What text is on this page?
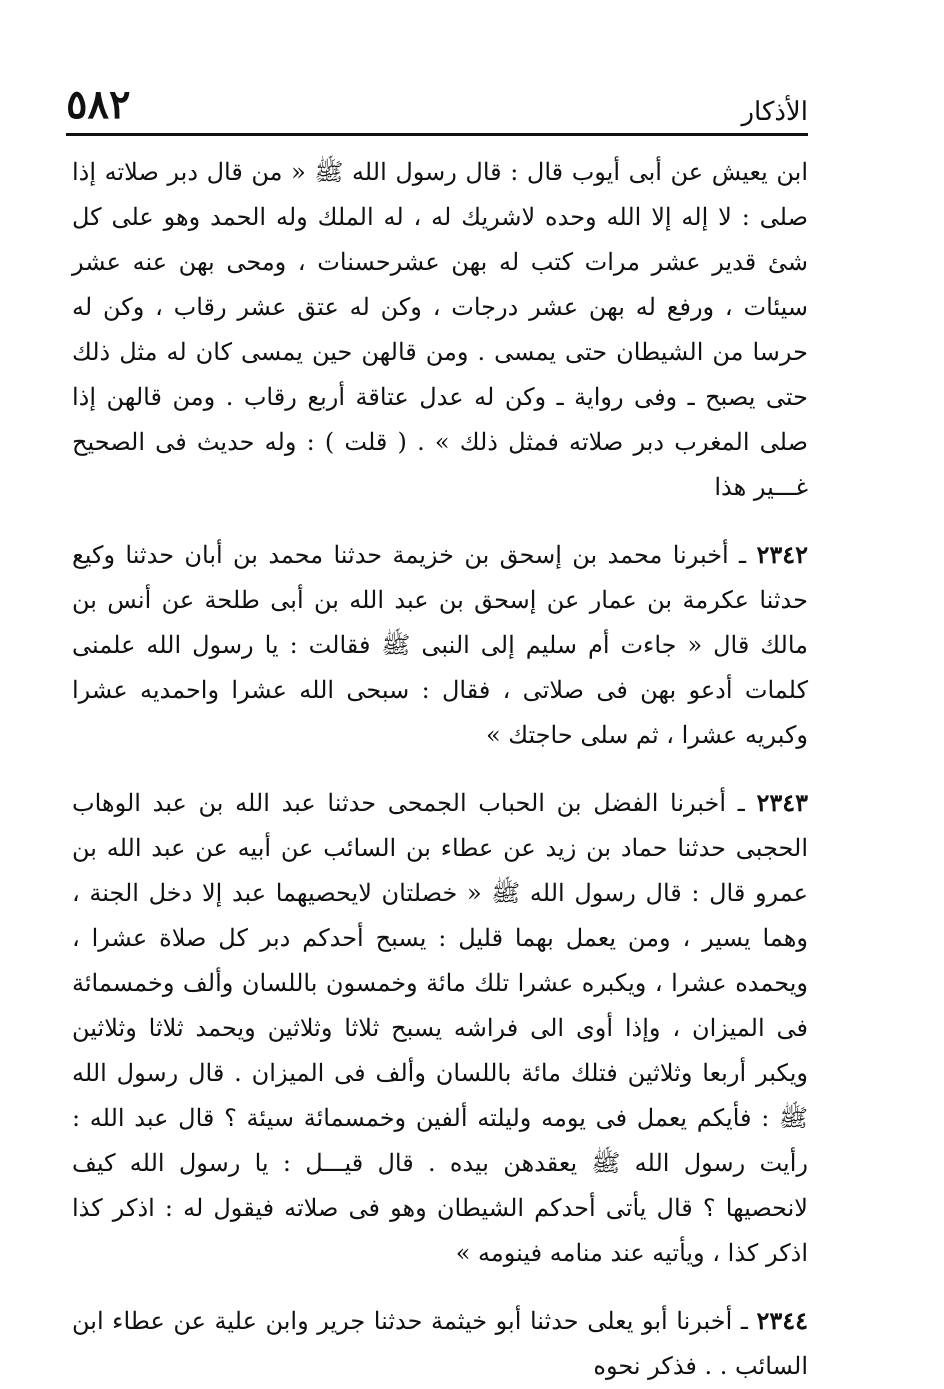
٥٨٢	الأذكار

ابن يعيش عن أبى أيوب قال : قال رسول الله ﷺ « من قال دبر صلاته إذا صلى : لا إله إلا الله وحده لاشريك له ، له الملك وله الحمد وهو على كل شئ قدير عشر مرات كتب له بهن عشرحسنات ، ومحى بهن عنه عشر سيئات ، ورفع له بهن عشر درجات ، وكن له عتق عشر رقاب ، وكن له حرسا من الشيطان حتى يمسى . ومن قالهن حين يمسى كان له مثل ذلك حتى يصبح ـ وفى رواية ـ وكن له عدل عتاقة أربع رقاب . ومن قالهن إذا صلى المغرب دبر صلاته فمثل ذلك » . ( قلت ) : وله حديث فى الصحيح غـــير هذا

٢٣٤٢ ـ أخبرنا محمد بن إسحق بن خزيمة حدثنا محمد بن أبان حدثنا وكيع حدثنا عكرمة بن عمار عن إسحق بن عبد الله بن أبى طلحة عن أنس بن مالك قال « جاءت أم سليم إلى النبى ﷺ فقالت : يا رسول الله علمنى كلمات أدعو بهن فى صلاتى ، فقال : سبحى الله عشرا واحمديه عشرا وكبريه عشرا ، ثم سلى حاجتك »

٢٣٤٣ ـ أخبرنا الفضل بن الحباب الجمحى حدثنا عبد الله بن عبد الوهاب الحجبى حدثنا حماد بن زيد عن عطاء بن السائب عن أبيه عن عبد الله بن عمرو قال : قال رسول الله ﷺ « خصلتان لايحصيهما عبد إلا دخل الجنة ، وهما يسير ، ومن يعمل بهما قليل : يسبح أحدكم دبر كل صلاة عشرا ، ويحمده عشرا ، ويكبره عشرا تلك مائة وخمسون باللسان وألف وخمسمائة فى الميزان ، وإذا أوى الى فراشه يسبح ثلاثا وثلاثين ويحمد ثلاثا وثلاثين ويكبر أربعا وثلاثين فتلك مائة باللسان وألف فى الميزان . قال رسول الله ﷺ : فأيكم يعمل فى يومه وليلته ألفين وخمسمائة سيئة ؟ قال عبد الله : رأيت رسول الله ﷺ يعقدهن بيده . قال قيـــل : يا رسول الله كيف لانحصيها ؟ قال يأتى أحدكم الشيطان وهو فى صلاته فيقول له : اذكر كذا اذكر كذا ، ويأتيه عند منامه فينومه »

٢٣٤٤ ـ أخبرنا أبو يعلى حدثنا أبو خيثمة حدثنا جرير وابن علية عن عطاء ابن السائب . . فذكر نحوه
